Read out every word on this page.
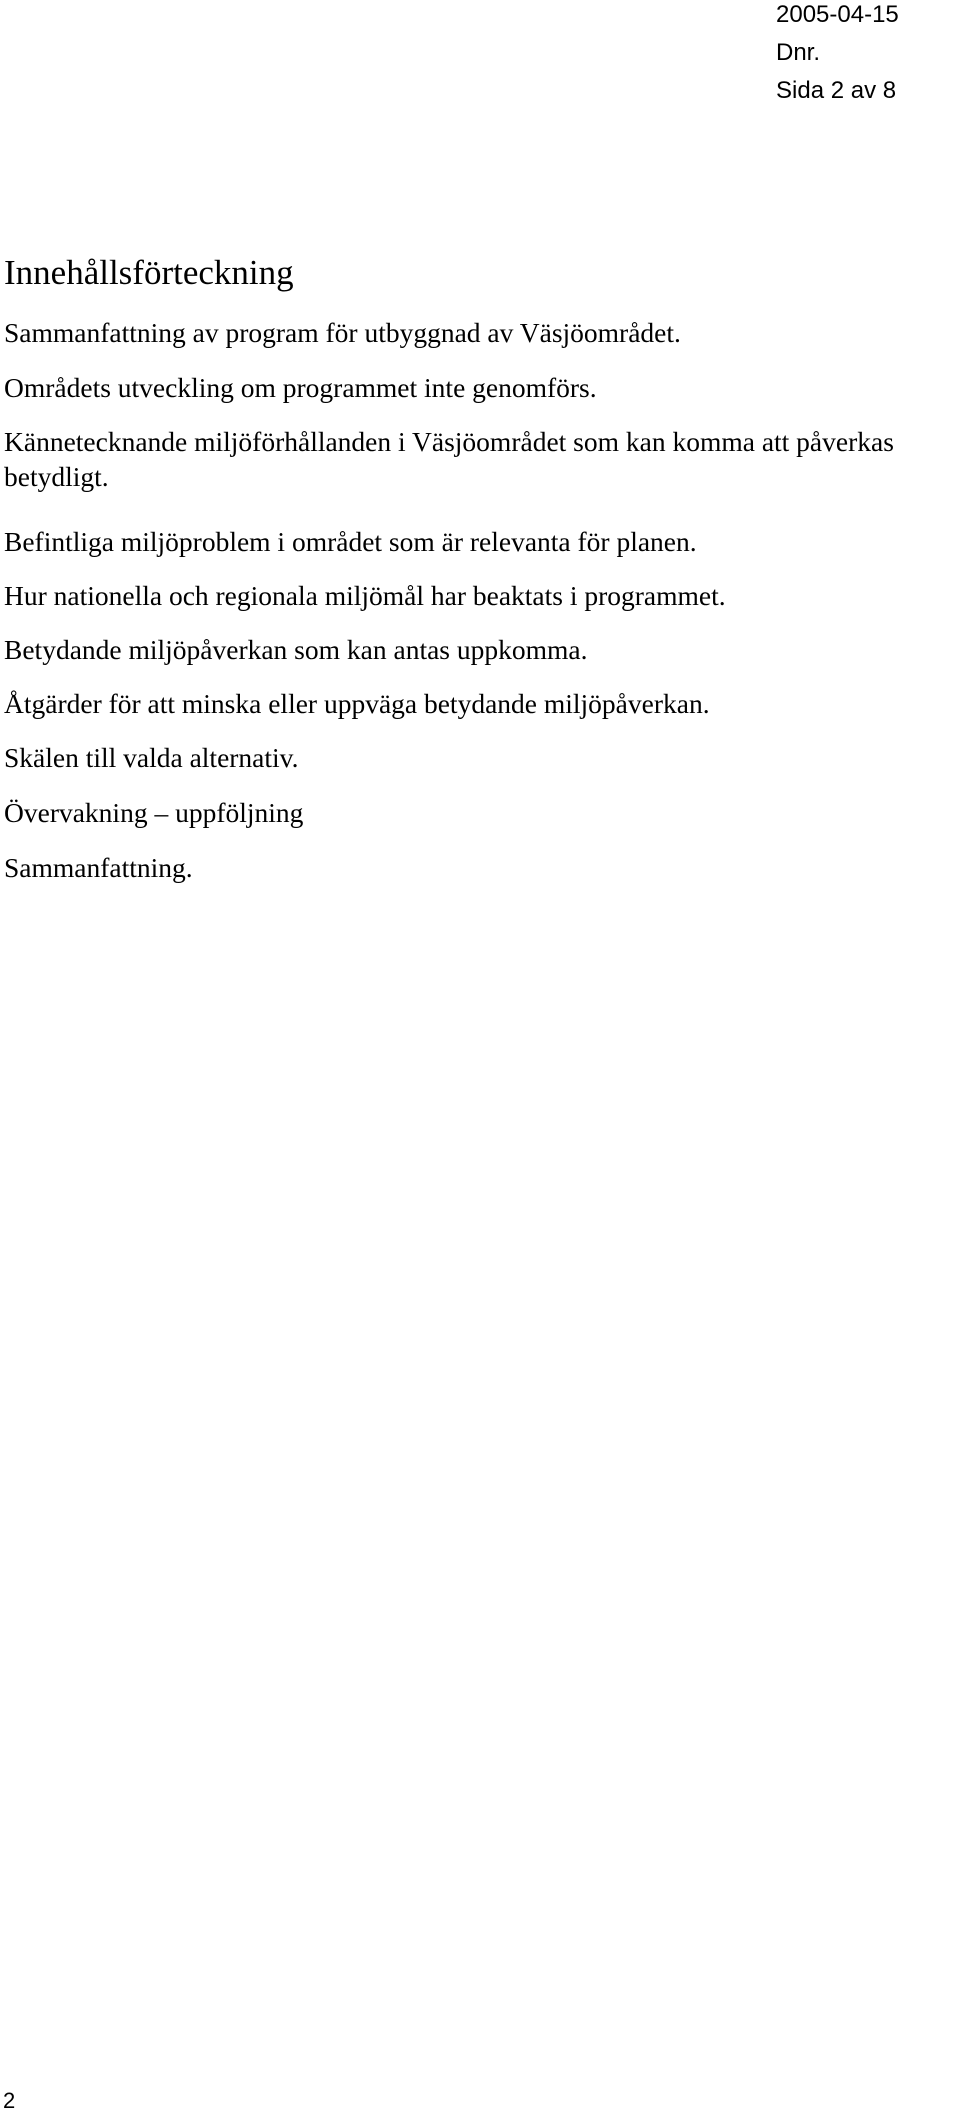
2005-04-15
Dnr.
Sida 2 av 8
Innehållsförteckning

Sammanfattning av program för utbyggnad av Väsjöområdet.

Områdets utveckling om programmet inte genomförs.

Kännetecknande miljöförhållanden i Väsjöområdet som kan komma att påverkas betydligt.

Befintliga miljöproblem i området som är relevanta för planen.

Hur nationella och regionala miljömål har beaktats i programmet.

Betydande miljöpåverkan som kan antas uppkomma.

Åtgärder för att minska eller uppväga betydande miljöpåverkan.

Skälen till valda alternativ.

Övervakning – uppföljning

Sammanfattning.

2
